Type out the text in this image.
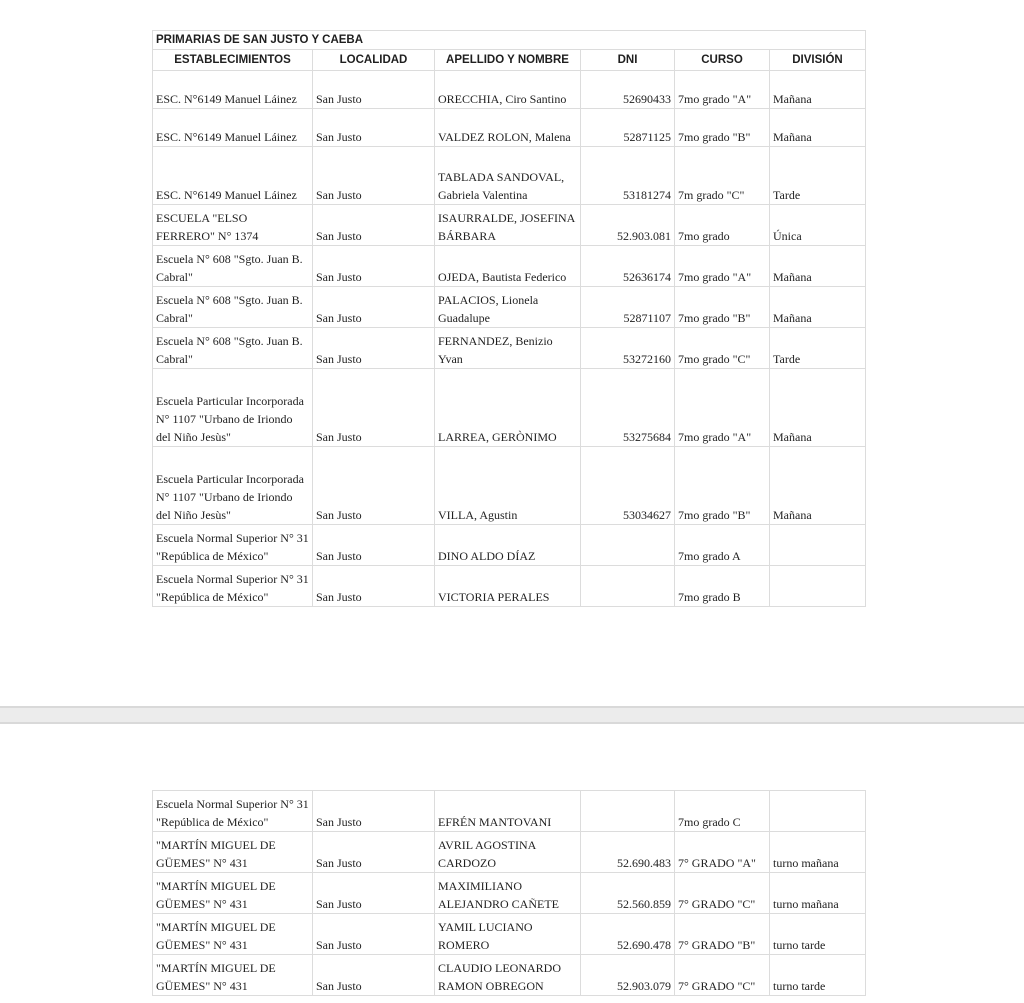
PRIMARIAS DE SAN JUSTO Y CAEBA					
ESTABLECIMIENTOS	LOCALIDAD	APELLIDO Y NOMBRE	DNI	CURSO	DIVISIÓN
ESC. N°6149 Manuel Láinez	San Justo	ORECCHIA, Ciro Santino	52690433	7mo grado "A"	Mañana
ESC. N°6149 Manuel Láinez	San Justo	VALDEZ ROLON, Malena	52871125	7mo grado "B"	Mañana
ESC. N°6149 Manuel Láinez	San Justo	TABLADA SANDOVAL, Gabriela Valentina	53181274	7m grado "C"	Tarde
ESCUELA "ELSO FERRERO" N° 1374	San Justo	ISAURRALDE, JOSEFINA BÁRBARA	52.903.081	7mo grado	Única
Escuela N° 608 "Sgto. Juan B. Cabral"	San Justo	OJEDA, Bautista Federico	52636174	7mo grado "A"	Mañana
Escuela N° 608 "Sgto. Juan B. Cabral"	San Justo	PALACIOS, Lionela Guadalupe	52871107	7mo grado "B"	Mañana
Escuela N° 608 "Sgto. Juan B. Cabral"	San Justo	FERNANDEZ, Benizio Yvan	53272160	7mo grado "C"	Tarde
Escuela Particular Incorporada N° 1107 "Urbano de Iriondo del Niño Jesùs"	San Justo	LARREA, GERÒNIMO	53275684	7mo grado "A"	Mañana
Escuela Particular Incorporada N° 1107 "Urbano de Iriondo del Niño Jesùs"	San Justo	VILLA, Agustin	53034627	7mo grado "B"	Mañana
Escuela Normal Superior N° 31 "República de México"	San Justo	DINO ALDO DÍAZ		7mo grado A	
Escuela Normal Superior N° 31 "República de México"	San Justo	VICTORIA PERALES		7mo grado B	
Escuela Normal Superior N° 31 "República de México"	San Justo	EFRÉN MANTOVANI		7mo grado C	
"MARTÍN MIGUEL DE GÜEMES" N° 431	San Justo	AVRIL AGOSTINA CARDOZO	52.690.483	7° GRADO "A"	turno mañana
"MARTÍN MIGUEL DE GÜEMES" N° 431	San Justo	MAXIMILIANO ALEJANDRO CAÑETE	52.560.859	7° GRADO "C"	turno mañana
"MARTÍN MIGUEL DE GÜEMES" N° 431	San Justo	YAMIL LUCIANO ROMERO	52.690.478	7° GRADO "B"	turno tarde
"MARTÍN MIGUEL DE GÜEMES" N° 431	San Justo	CLAUDIO LEONARDO RAMON OBREGON	52.903.079	7° GRADO "C"	turno tarde
